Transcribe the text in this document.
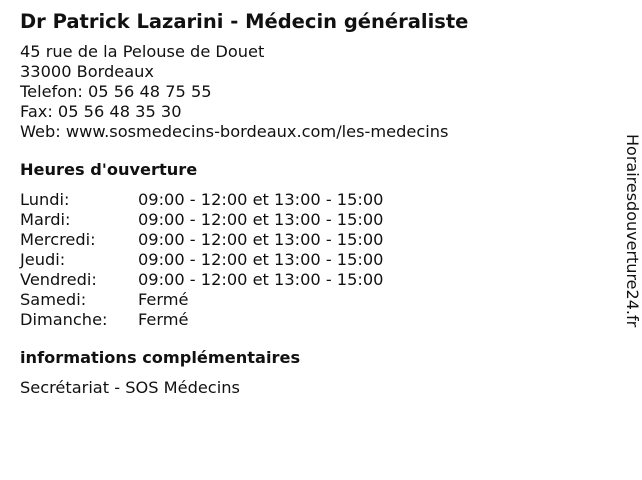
Dr Patrick Lazarini - Médecin généraliste
45 rue de la Pelouse de Douet
33000 Bordeaux
Telefon: 05 56 48 75 55
Fax: 05 56 48 35 30
Web: www.sosmedecins-bordeaux.com/les-medecins
Heures d'ouverture
Lundi:	09:00 - 12:00 et 13:00 - 15:00
Mardi:	09:00 - 12:00 et 13:00 - 15:00
Mercredi:	09:00 - 12:00 et 13:00 - 15:00
Jeudi:	09:00 - 12:00 et 13:00 - 15:00
Vendredi:	09:00 - 12:00 et 13:00 - 15:00
Samedi:	Fermé
Dimanche:	Fermé
informations complémentaires
Secrétariat - SOS Médecins
Horairesdouverture24.fr
